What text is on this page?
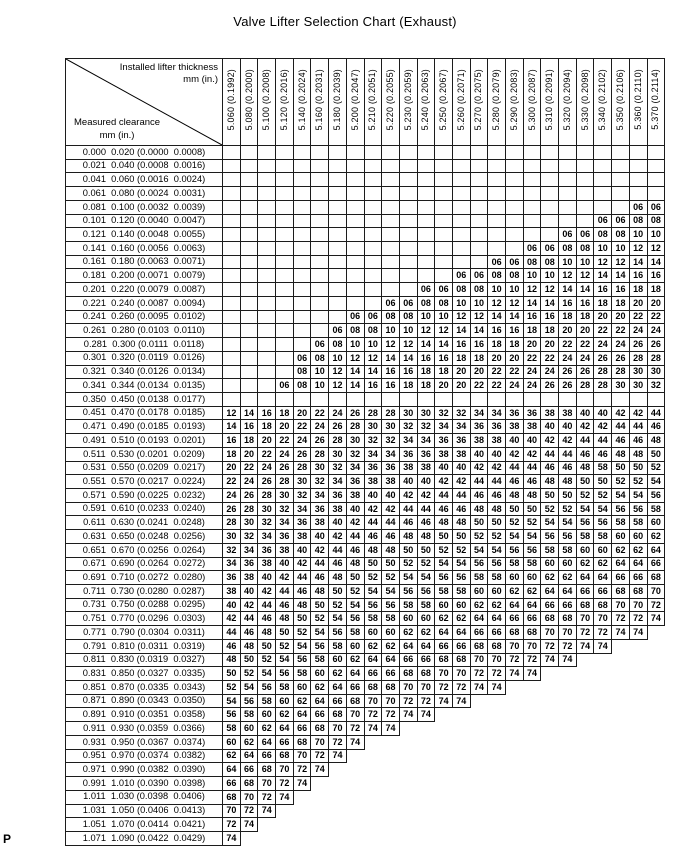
Valve Lifter Selection Chart (Exhaust)
Installed lifter thickness
mm (in.)
Measured clearance
mm (in.)	5.060 (0.1992)	5.080 (0.2000)	5.100 (0.2008)	5.120 (0.2016)	5.140 (0.2024)	5.160 (0.2031)	5.180 (0.2039)	5.200 (0.2047)	5.210 (0.2051)	5.220 (0.2055)	5.230 (0.2059)	5.240 (0.2063)	5.250 (0.2067)	5.260 (0.2071)	5.270 (0.2075)	5.280 (0.2079)	5.290 (0.2083)	5.300 (0.2087)	5.310 (0.2091)	5.320 (0.2094)	5.330 (0.2098)	5.340 (0.2102)	5.350 (0.2106)	5.360 (0.2110)	5.370 (0.2114)
0.000  0.020 (0.0000  0.0008)																									
0.021  0.040 (0.0008  0.0016)																									
0.041  0.060 (0.0016  0.0024)																									
0.061  0.080 (0.0024  0.0031)																									
0.081  0.100 (0.0032  0.0039)																								06	06
0.101  0.120 (0.0040  0.0047)																						06	06	08	08
0.121  0.140 (0.0048  0.0055)																				06	06	08	08	10	10
0.141  0.160 (0.0056  0.0063)																		06	06	08	08	10	10	12	12
0.161  0.180 (0.0063  0.0071)																06	06	08	08	10	10	12	12	14	14
0.181  0.200 (0.0071  0.0079)														06	06	08	08	10	10	12	12	14	14	16	16
0.201  0.220 (0.0079  0.0087)												06	06	08	08	10	10	12	12	14	14	16	16	18	18
0.221  0.240 (0.0087  0.0094)										06	06	08	08	10	10	12	12	14	14	16	16	18	18	20	20
0.241  0.260 (0.0095  0.0102)								06	06	08	08	10	10	12	12	14	14	16	16	18	18	20	20	22	22
0.261  0.280 (0.0103  0.0110)							06	08	08	10	10	12	12	14	14	16	16	18	18	20	20	22	22	24	24
0.281  0.300 (0.0111  0.0118)						06	08	10	10	12	12	14	14	16	16	18	18	20	20	22	22	24	24	26	26
0.301  0.320 (0.0119  0.0126)					06	08	10	12	12	14	14	16	16	18	18	20	20	22	22	24	24	26	26	28	28
0.321  0.340 (0.0126  0.0134)					08	10	12	14	14	16	16	18	18	20	20	22	22	24	24	26	26	28	28	30	30
0.341  0.344 (0.0134  0.0135)				06	08	10	12	14	16	16	18	18	20	20	22	22	24	24	26	26	28	28	30	30	32
0.350  0.450 (0.0138  0.0177)																									
0.451  0.470 (0.0178  0.0185)	12	14	16	18	20	22	24	26	28	28	30	30	32	32	34	34	36	36	38	38	40	40	42	42	44
0.471  0.490 (0.0185  0.0193)	14	16	18	20	22	24	26	28	30	30	32	32	34	34	36	36	38	38	40	40	42	42	44	44	46
0.491  0.510 (0.0193  0.0201)	16	18	20	22	24	26	28	30	32	32	34	34	36	36	38	38	40	40	42	42	44	44	46	46	48
0.511  0.530 (0.0201  0.0209)	18	20	22	24	26	28	30	32	34	34	36	36	38	38	40	40	42	42	44	44	46	46	48	48	50
0.531  0.550 (0.0209  0.0217)	20	22	24	26	28	30	32	34	36	36	38	38	40	40	42	42	44	44	46	46	48	58	50	50	52
0.551  0.570 (0.0217  0.0224)	22	24	26	28	30	32	34	36	38	38	40	40	42	42	44	44	46	46	48	48	50	50	52	52	54
0.571  0.590 (0.0225  0.0232)	24	26	28	30	32	34	36	38	40	40	42	42	44	44	46	46	48	48	50	50	52	52	54	54	56
0.591  0.610 (0.0233  0.0240)	26	28	30	32	34	36	38	40	42	42	44	44	46	46	48	48	50	50	52	52	54	54	56	56	58
0.611  0.630 (0.0241  0.0248)	28	30	32	34	36	38	40	42	44	44	46	46	48	48	50	50	52	52	54	54	56	56	58	58	60
0.631  0.650 (0.0248  0.0256)	30	32	34	36	38	40	42	44	46	46	48	48	50	50	52	52	54	54	56	56	58	58	60	60	62
0.651  0.670 (0.0256  0.0264)	32	34	36	38	40	42	44	46	48	48	50	50	52	52	54	54	56	56	58	58	60	60	62	62	64
0.671  0.690 (0.0264  0.0272)	34	36	38	40	42	44	46	48	50	50	52	52	54	54	56	56	58	58	60	60	62	62	64	64	66
0.691  0.710 (0.0272  0.0280)	36	38	40	42	44	46	48	50	52	52	54	54	56	56	58	58	60	60	62	62	64	64	66	66	68
0.711  0.730 (0.0280  0.0287)	38	40	42	44	46	48	50	52	54	54	56	56	58	58	60	60	62	62	64	64	66	66	68	68	70
0.731  0.750 (0.0288  0.0295)	40	42	44	46	48	50	52	54	56	56	58	58	60	60	62	62	64	64	66	66	68	68	70	70	72
0.751  0.770 (0.0296  0.0303)	42	44	46	48	50	52	54	56	58	58	60	60	62	62	64	64	66	66	68	68	70	70	72	72	74
0.771  0.790 (0.0304  0.0311)	44	46	48	50	52	54	56	58	60	60	62	62	64	64	66	66	68	68	70	70	72	72	74	74	
0.791  0.810 (0.0311  0.0319)	46	48	50	52	54	56	58	60	62	62	64	64	66	66	68	68	70	70	72	72	74	74			
0.811  0.830 (0.0319  0.0327)	48	50	52	54	56	58	60	62	64	64	66	66	68	68	70	70	72	72	74	74					
0.831  0.850 (0.0327  0.0335)	50	52	54	56	58	60	62	64	66	66	68	68	70	70	72	72	74	74							
0.851  0.870 (0.0335  0.0343)	52	54	56	58	60	62	64	66	68	68	70	70	72	72	74	74									
0.871  0.890 (0.0343  0.0350)	54	56	58	60	62	64	66	68	70	70	72	72	74	74											
0.891  0.910 (0.0351  0.0358)	56	58	60	62	64	66	68	70	72	72	74	74													
0.911  0.930 (0.0359  0.0366)	58	60	62	64	66	68	70	72	74	74															
0.931  0.950 (0.0367  0.0374)	60	62	64	66	68	70	72	74																	
0.951  0.970 (0.0374  0.0382)	62	64	66	68	70	72	74																		
0.971  0.990 (0.0382  0.0390)	64	66	68	70	72	74																			
0.991  1.010 (0.0390  0.0398)	66	68	70	72	74																				
1.011  1.030 (0.0398  0.0406)	68	70	72	74																					
1.031  1.050 (0.0406  0.0413)	70	72	74																						
1.051  1.070 (0.0414  0.0421)	72	74																							
1.071  1.090 (0.0422  0.0429)	74																								
P
